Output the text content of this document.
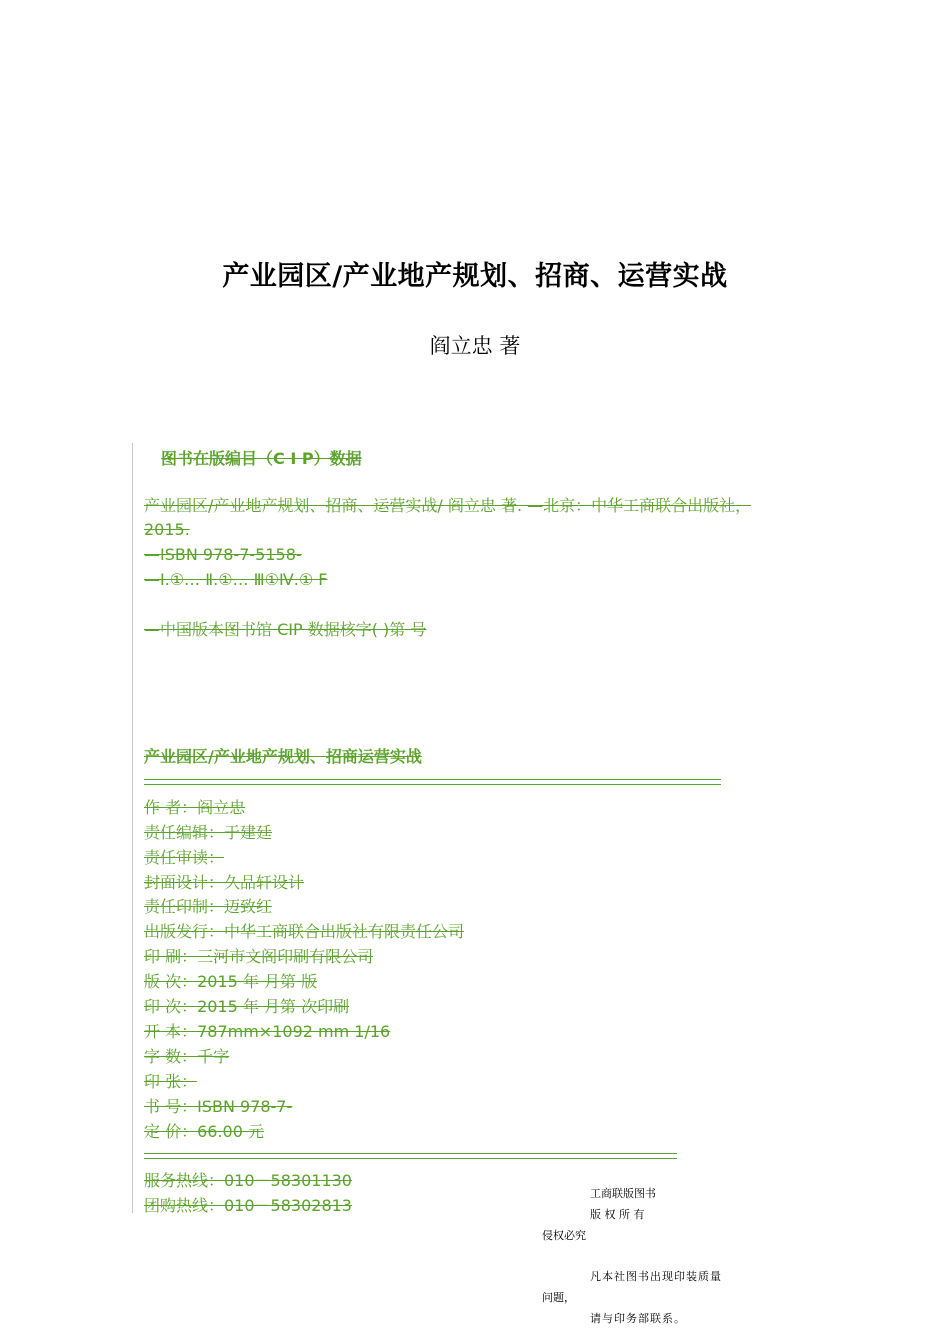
产业园区/产业地产规划、招商、运营实战
阎立忠 著
图书在版编目（C I P）数据
产业园区/产业地产规划、招商、运营实战/ 阎立忠 著. —北京：中华工商联合出版社，
2015.
—ISBN 978-7-5158-
—Ⅰ.①… Ⅱ.①… Ⅲ①Ⅳ.① F
—中国版本图书馆 CIP 数据核字( )第 号
产业园区/产业地产规划、招商运营实战
作 者：阎立忠
责任编辑：于建廷
责任审读：
封面设计：久品轩设计
责任印制：迈致红
出版发行：中华工商联合出版社有限责任公司
印 刷：三河市文阁印刷有限公司
版 次：2015 年 月第 版
印 次：2015 年 月第 次印刷
开 本：787mm×1092 mm 1/16
字 数：千字
印 张：
书 号：ISBN 978-7-
定 价：66.00 元
服务热线：010－58301130
团购热线：010－58302813
工商联版图书
版 权 所 有
侵权必究
凡本社图书出现印装质量
问题，
请与印务部联系。
